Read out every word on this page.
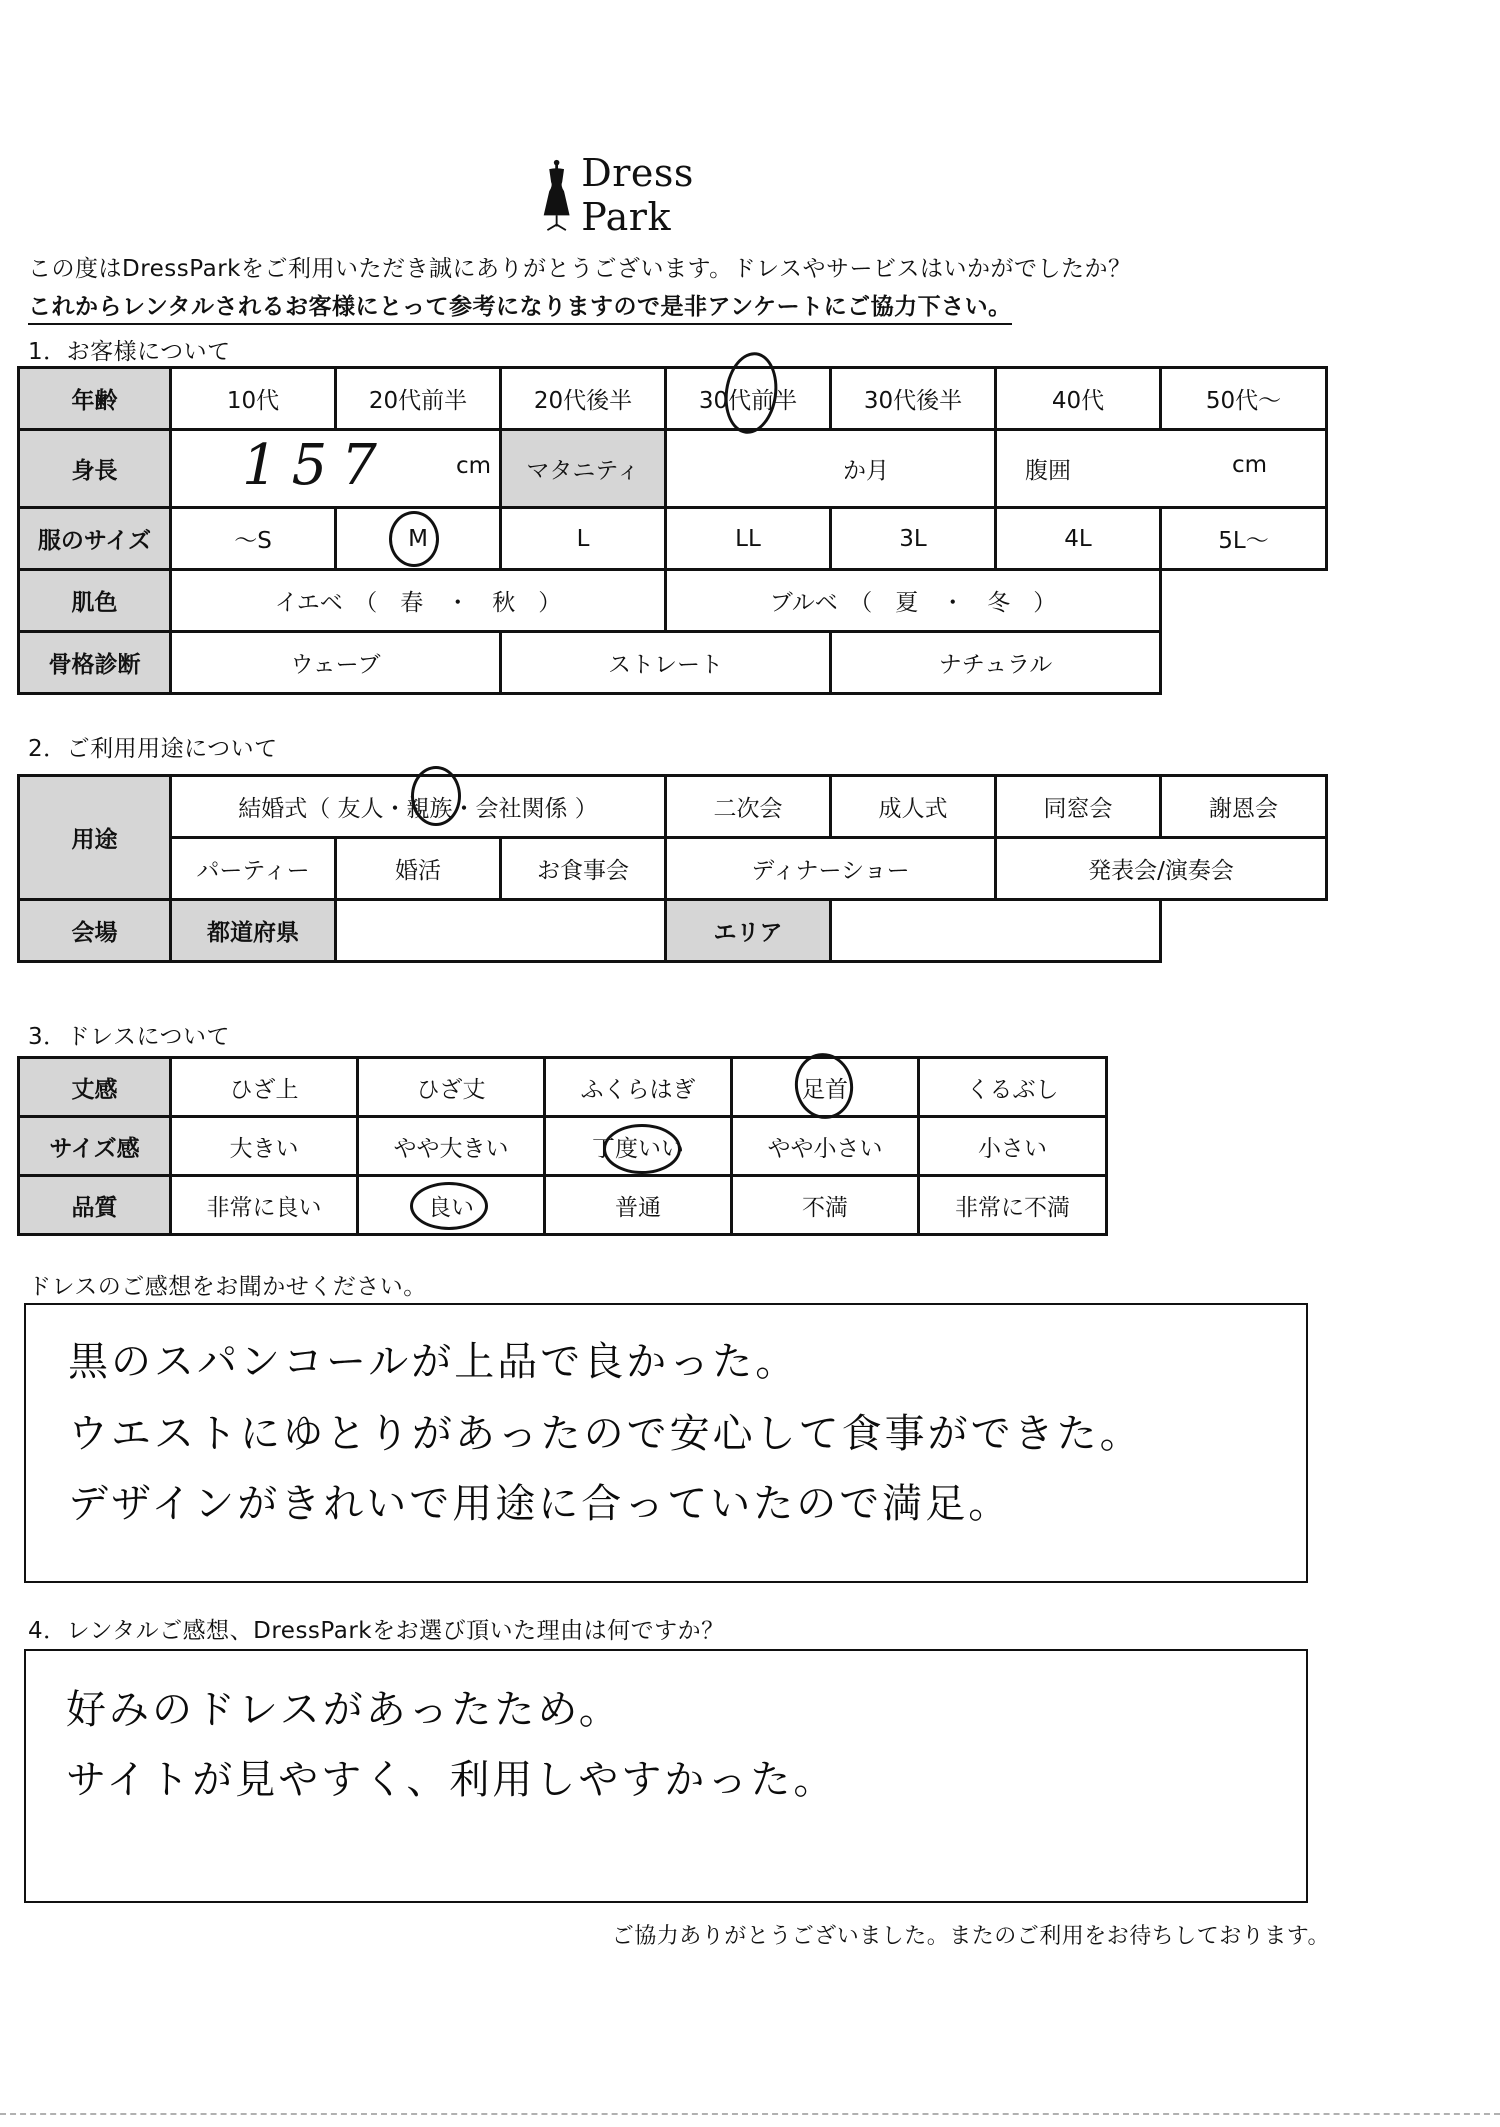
Dress Park
この度はDressParkをご利用いただき誠にありがとうございます。ドレスやサービスはいかがでしたか？
これからレンタルされるお客様にとって参考になりますので是非アンケートにご協力下さい。
1．お客様について
年齢	10代	20代前半	20代後半	30代前半	30代後半	40代	50代～
身長	157 cm		マタニティ	か月		腹囲 cm	

服のサイズ	～S	M	L	LL	3L	4L	5L～
肌色	イエベ　（　春　・　秋　）			ブルベ　（　夏　・　冬　）			
骨格診断	ウェーブ		ストレート		ナチュラル		
2．ご利用用途について
用途	結婚式（ 友人・親族・会社関係 ）			二次会	成人式	同窓会	謝恩会
	パーティー	婚活	お食事会	ディナーショー		発表会/演奏会	
会場	都道府県			エリア			
3．ドレスについて
丈感	ひざ上	ひざ丈	ふくらはぎ	足首	くるぶし
サイズ感	大きい	やや大きい	丁度いい	やや小さい	小さい
品質	非常に良い	良い	普通	不満	非常に不満
ドレスのご感想をお聞かせください。
黒のスパンコールが上品で良かった。
ウエストにゆとりがあったので安心して食事ができた。
デザインがきれいで用途に合っていたので満足。
4．レンタルご感想、DressParkをお選び頂いた理由は何ですか？
好みのドレスがあったため。
サイトが見やすく、利用しやすかった。
ご協力ありがとうございました。またのご利用をお待ちしております。
